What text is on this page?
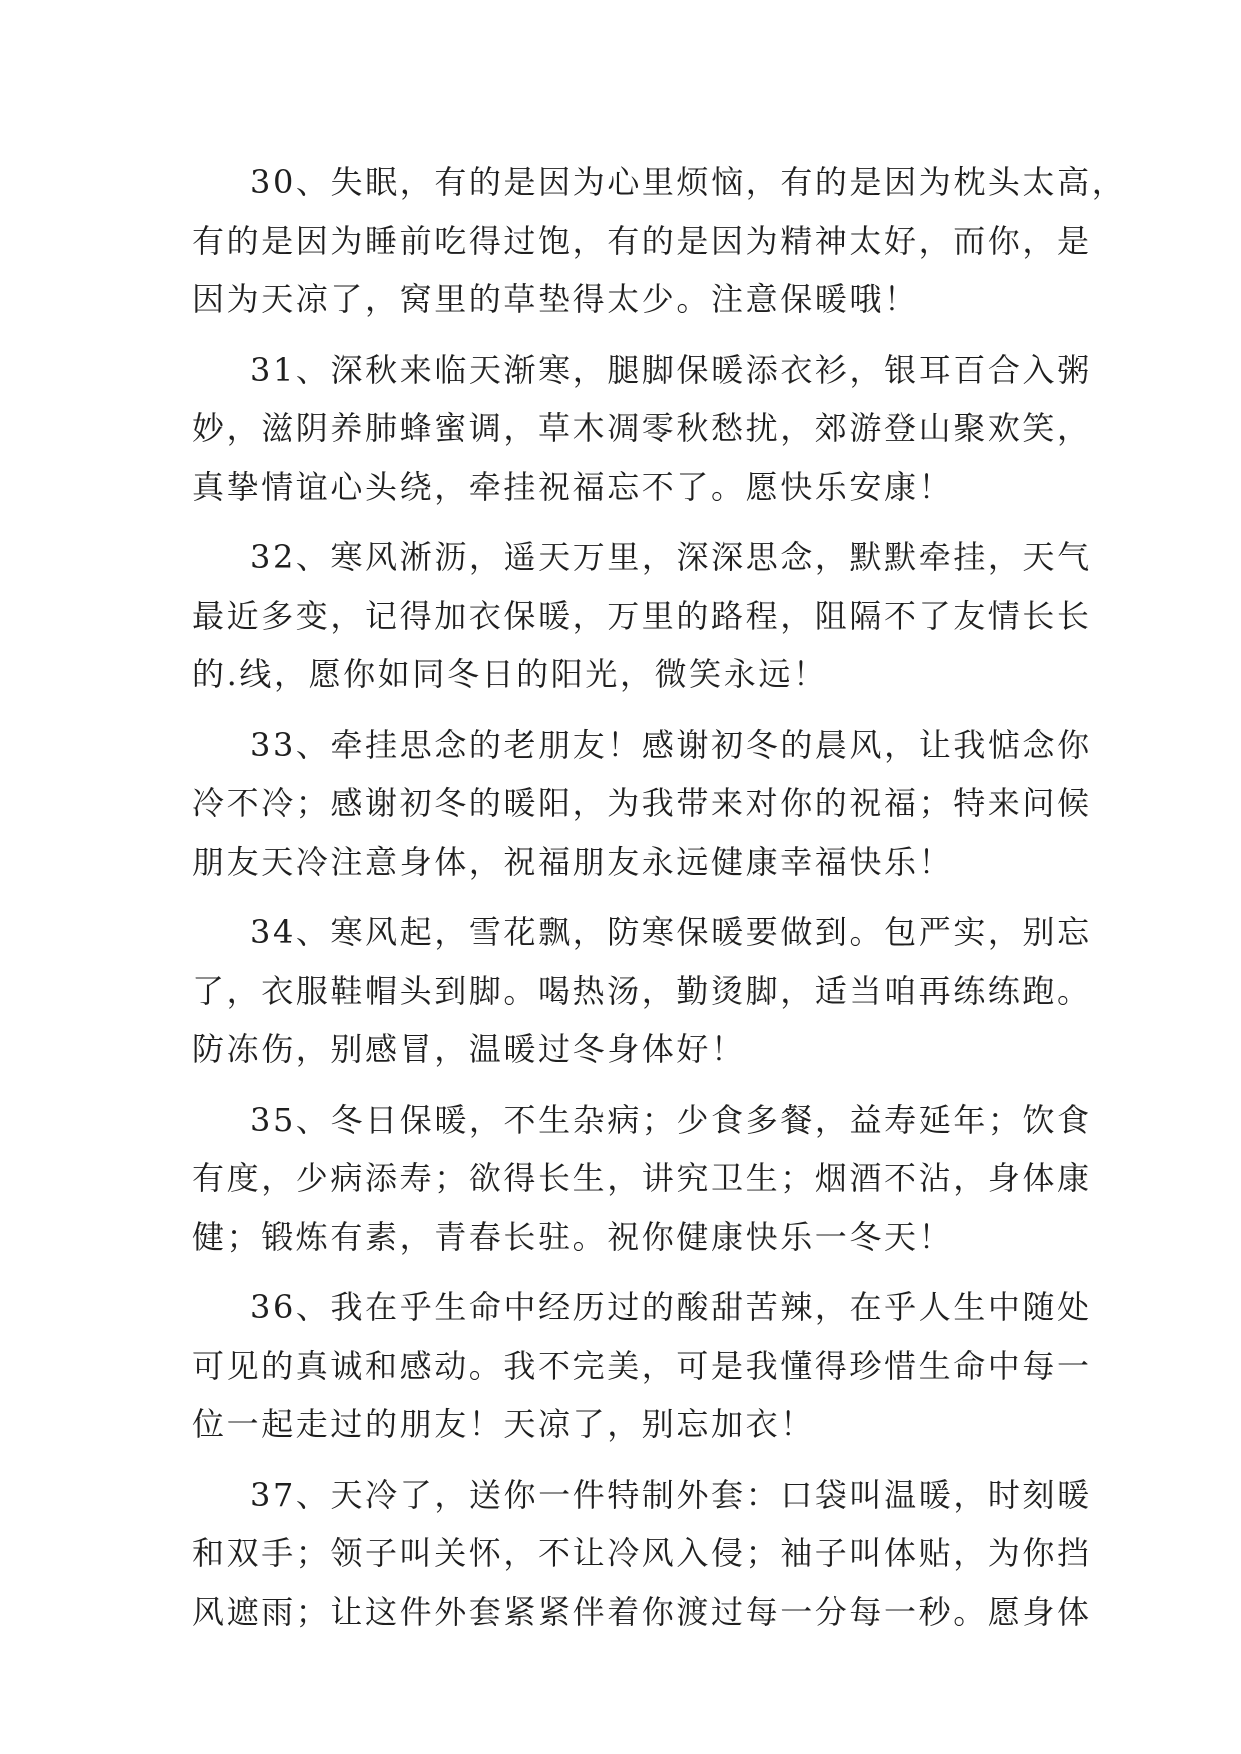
30、失眠，有的是因为心里烦恼，有的是因为枕头太高，
有的是因为睡前吃得过饱，有的是因为精神太好，而你，是
因为天凉了，窝里的草垫得太少。注意保暖哦！
31、深秋来临天渐寒，腿脚保暖添衣衫，银耳百合入粥
妙，滋阴养肺蜂蜜调，草木凋零秋愁扰，郊游登山聚欢笑，
真挚情谊心头绕，牵挂祝福忘不了。愿快乐安康！
32、寒风淅沥，遥天万里，深深思念，默默牵挂，天气
最近多变，记得加衣保暖，万里的路程，阻隔不了友情长长
的.线，愿你如同冬日的阳光，微笑永远！
33、牵挂思念的老朋友！感谢初冬的晨风，让我惦念你
冷不冷；感谢初冬的暖阳，为我带来对你的祝福；特来问候
朋友天冷注意身体，祝福朋友永远健康幸福快乐！
34、寒风起，雪花飘，防寒保暖要做到。包严实，别忘
了，衣服鞋帽头到脚。喝热汤，勤烫脚，适当咱再练练跑。
防冻伤，别感冒，温暖过冬身体好！
35、冬日保暖，不生杂病；少食多餐，益寿延年；饮食
有度，少病添寿；欲得长生，讲究卫生；烟酒不沾，身体康
健；锻炼有素，青春长驻。祝你健康快乐一冬天！
36、我在乎生命中经历过的酸甜苦辣，在乎人生中随处
可见的真诚和感动。我不完美，可是我懂得珍惜生命中每一
位一起走过的朋友！天凉了，别忘加衣！
37、天冷了，送你一件特制外套：口袋叫温暖，时刻暖
和双手；领子叫关怀，不让冷风入侵；袖子叫体贴，为你挡
风遮雨；让这件外套紧紧伴着你渡过每一分每一秒。愿身体
